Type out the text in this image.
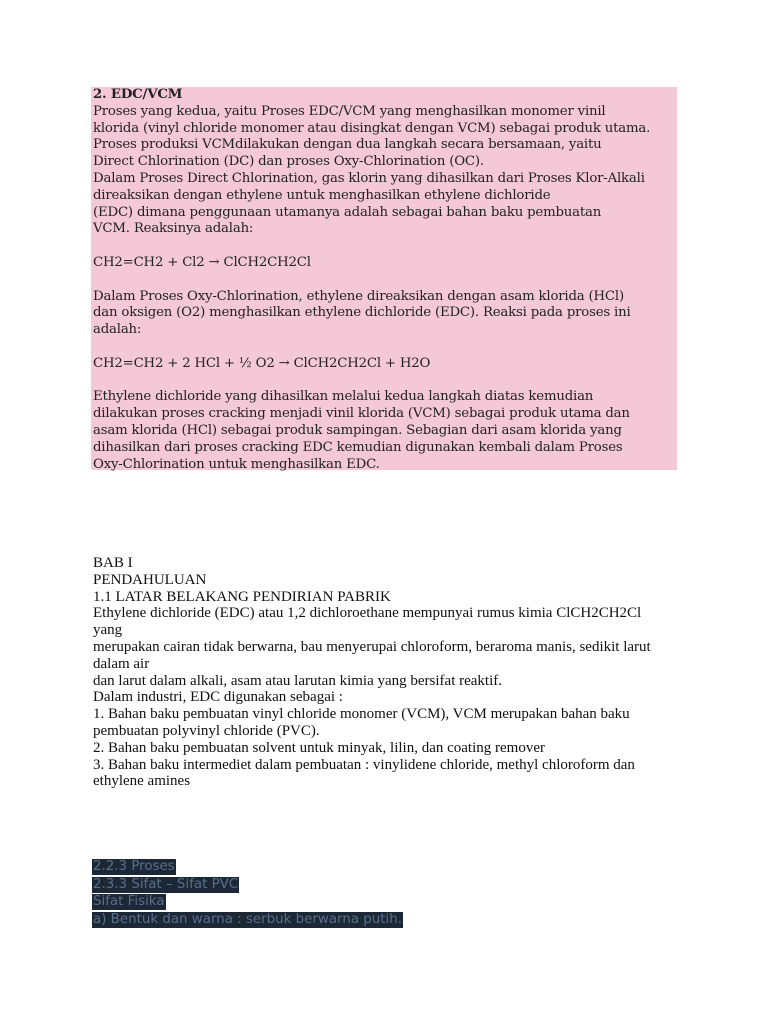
2. EDC/VCM
Proses yang kedua, yaitu Proses EDC/VCM yang menghasilkan monomer vinil
klorida (vinyl chloride monomer atau disingkat dengan VCM) sebagai produk utama.
Proses produksi VCMdilakukan dengan dua langkah secara bersamaan, yaitu
Direct Chlorination (DC) dan proses Oxy-Chlorination (OC).
Dalam Proses Direct Chlorination, gas klorin yang dihasilkan dari Proses Klor-Alkali
direaksikan dengan ethylene untuk menghasilkan ethylene dichloride
(EDC) dimana penggunaan utamanya adalah sebagai bahan baku pembuatan
VCM. Reaksinya adalah:
CH2=CH2 + Cl2 → ClCH2CH2Cl
Dalam Proses Oxy-Chlorination, ethylene direaksikan dengan asam klorida (HCl)
dan oksigen (O2) menghasilkan ethylene dichloride (EDC). Reaksi pada proses ini
adalah:
CH2=CH2 + 2 HCl + ½ O2 → ClCH2CH2Cl + H2O
Ethylene dichloride yang dihasilkan melalui kedua langkah diatas kemudian
dilakukan proses cracking menjadi vinil klorida (VCM) sebagai produk utama dan
asam klorida (HCl) sebagai produk sampingan. Sebagian dari asam klorida yang
dihasilkan dari proses cracking EDC kemudian digunakan kembali dalam Proses
Oxy-Chlorination untuk menghasilkan EDC.
BAB I
PENDAHULUAN
1.1 LATAR BELAKANG PENDIRIAN PABRIK
Ethylene dichloride (EDC) atau 1,2 dichloroethane mempunyai rumus kimia ClCH2CH2Cl
yang
merupakan cairan tidak berwarna, bau menyerupai chloroform, beraroma manis, sedikit larut
dalam air
dan larut dalam alkali, asam atau larutan kimia yang bersifat reaktif.
Dalam industri, EDC digunakan sebagai :
1. Bahan baku pembuatan vinyl chloride monomer (VCM), VCM merupakan bahan baku
pembuatan polyvinyl chloride (PVC).
2. Bahan baku pembuatan solvent untuk minyak, lilin, dan coating remover
3. Bahan baku intermediet dalam pembuatan : vinylidene chloride, methyl chloroform dan
ethylene amines
2.2.3 Proses
2.3.3 Sifat – Sifat PVC
Sifat Fisika
a) Bentuk dan warna : serbuk berwarna putih.
